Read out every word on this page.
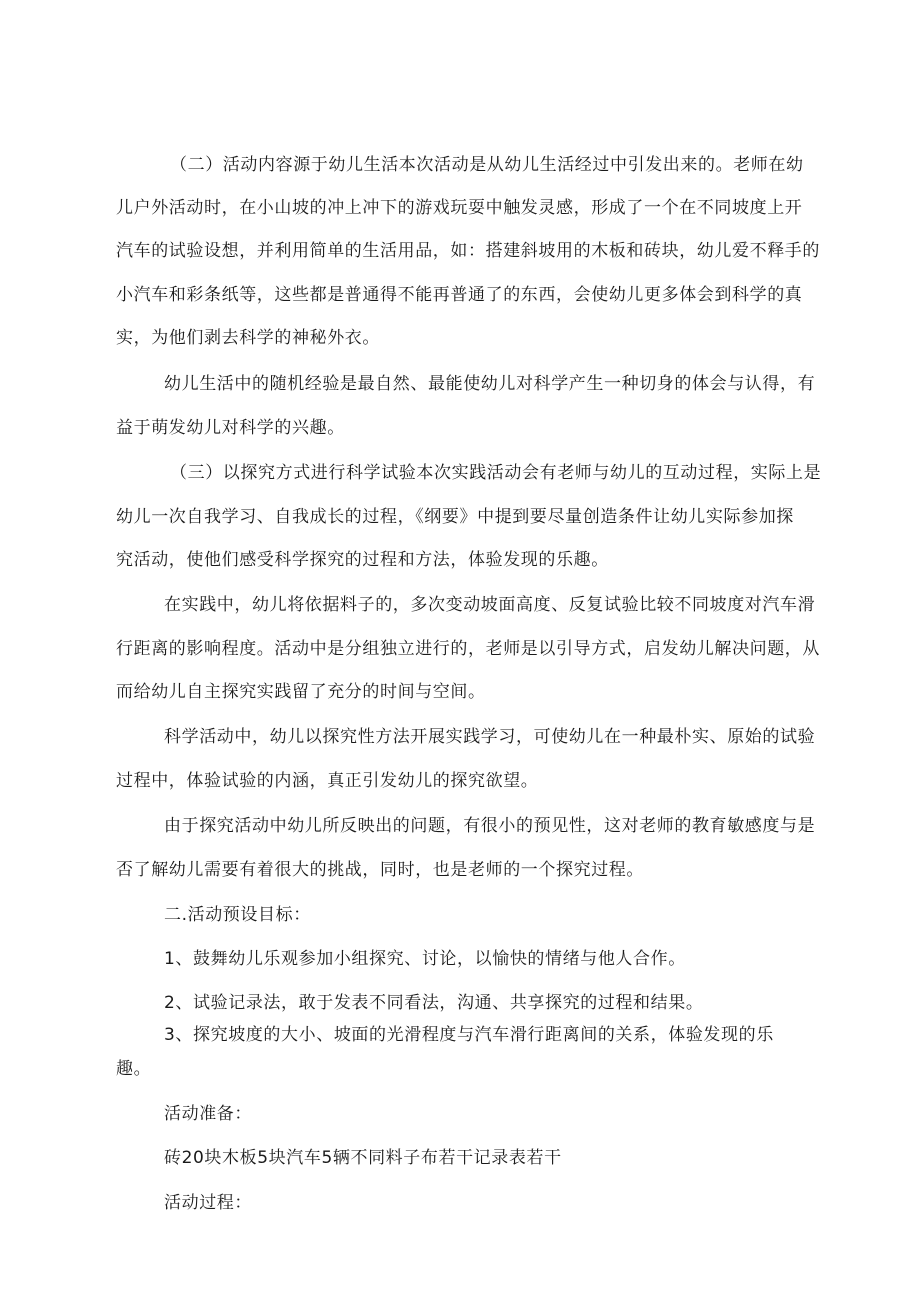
（二）活动内容源于幼儿生活本次活动是从幼儿生活经过中引发出来的。老师在幼
儿户外活动时，在小山坡的冲上冲下的游戏玩耍中触发灵感，形成了一个在不同坡度上开
汽车的试验设想，并利用简单的生活用品，如：搭建斜坡用的木板和砖块，幼儿爱不释手的
小汽车和彩条纸等，这些都是普通得不能再普通了的东西，会使幼儿更多体会到科学的真
实，为他们剥去科学的神秘外衣。
幼儿生活中的随机经验是最自然、最能使幼儿对科学产生一种切身的体会与认得，有
益于萌发幼儿对科学的兴趣。
（三）以探究方式进行科学试验本次实践活动会有老师与幼儿的互动过程，实际上是
幼儿一次自我学习、自我成长的过程，《纲要》中提到要尽量创造条件让幼儿实际参加探
究活动，使他们感受科学探究的过程和方法，体验发现的乐趣。
在实践中，幼儿将依据料子的，多次变动坡面高度、反复试验比较不同坡度对汽车滑
行距离的影响程度。活动中是分组独立进行的，老师是以引导方式，启发幼儿解决问题，从
而给幼儿自主探究实践留了充分的时间与空间。
科学活动中，幼儿以探究性方法开展实践学习，可使幼儿在一种最朴实、原始的试验
过程中，体验试验的内涵，真正引发幼儿的探究欲望。
由于探究活动中幼儿所反映出的问题，有很小的预见性，这对老师的教育敏感度与是
否了解幼儿需要有着很大的挑战，同时，也是老师的一个探究过程。
二.活动预设目标：
1、鼓舞幼儿乐观参加小组探究、讨论，以愉快的情绪与他人合作。
2、试验记录法，敢于发表不同看法，沟通、共享探究的过程和结果。
3、探究坡度的大小、坡面的光滑程度与汽车滑行距离间的关系，体验发现的乐
趣。
活动准备：
砖20块木板5块汽车5辆不同料子布若干记录表若干
活动过程：
